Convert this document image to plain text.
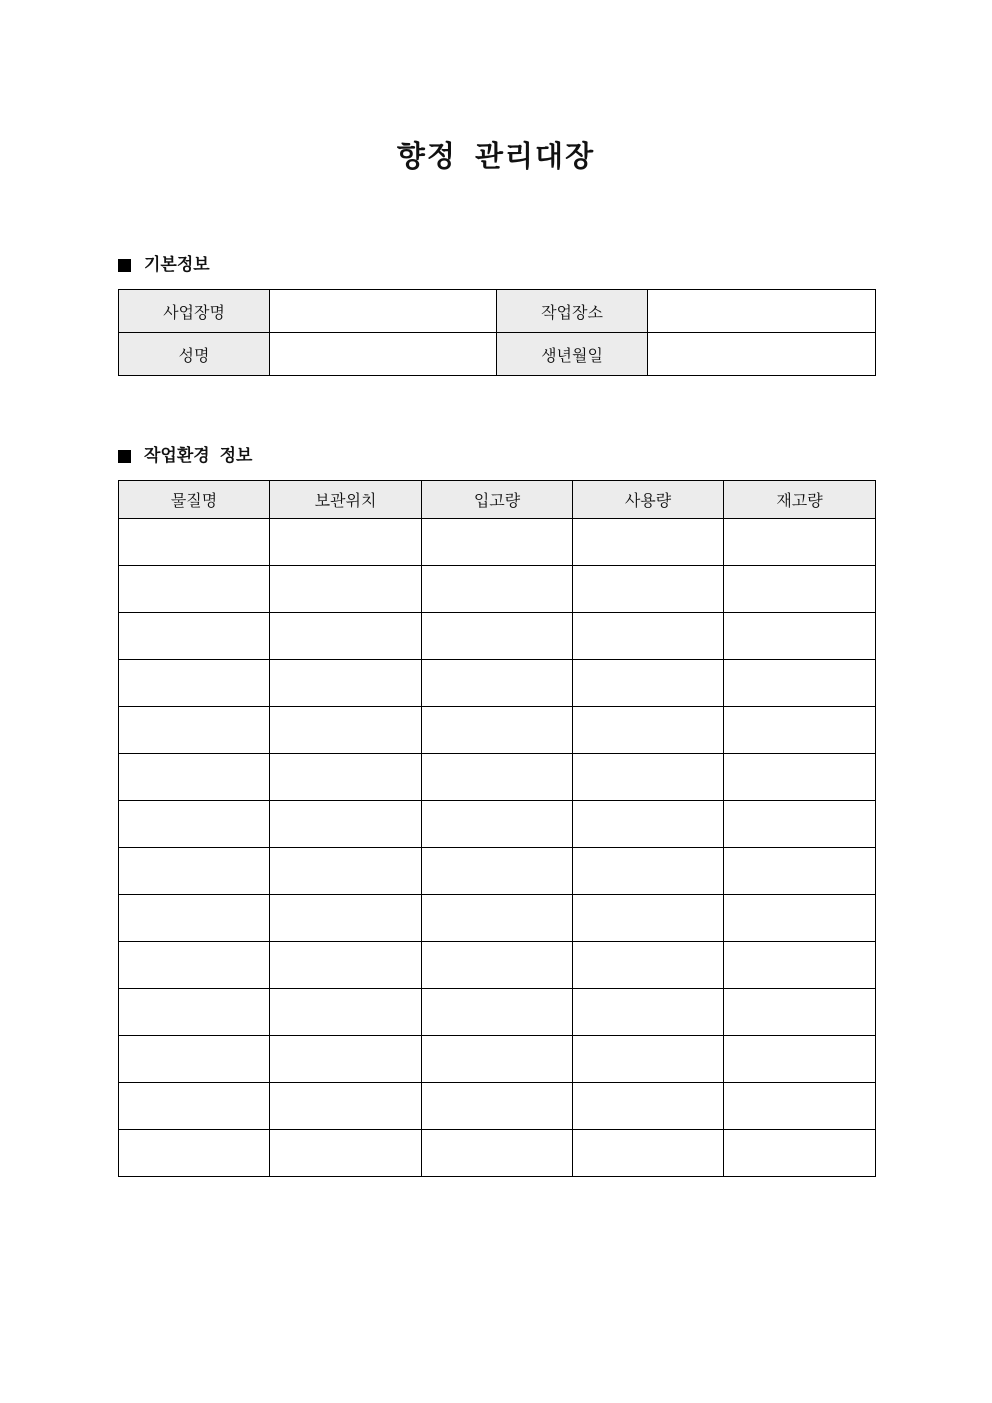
향정 관리대장
기본정보
사업장명		작업장소	
성명		생년월일	
작업환경 정보
물질명	보관위치	입고량	사용량	재고량
